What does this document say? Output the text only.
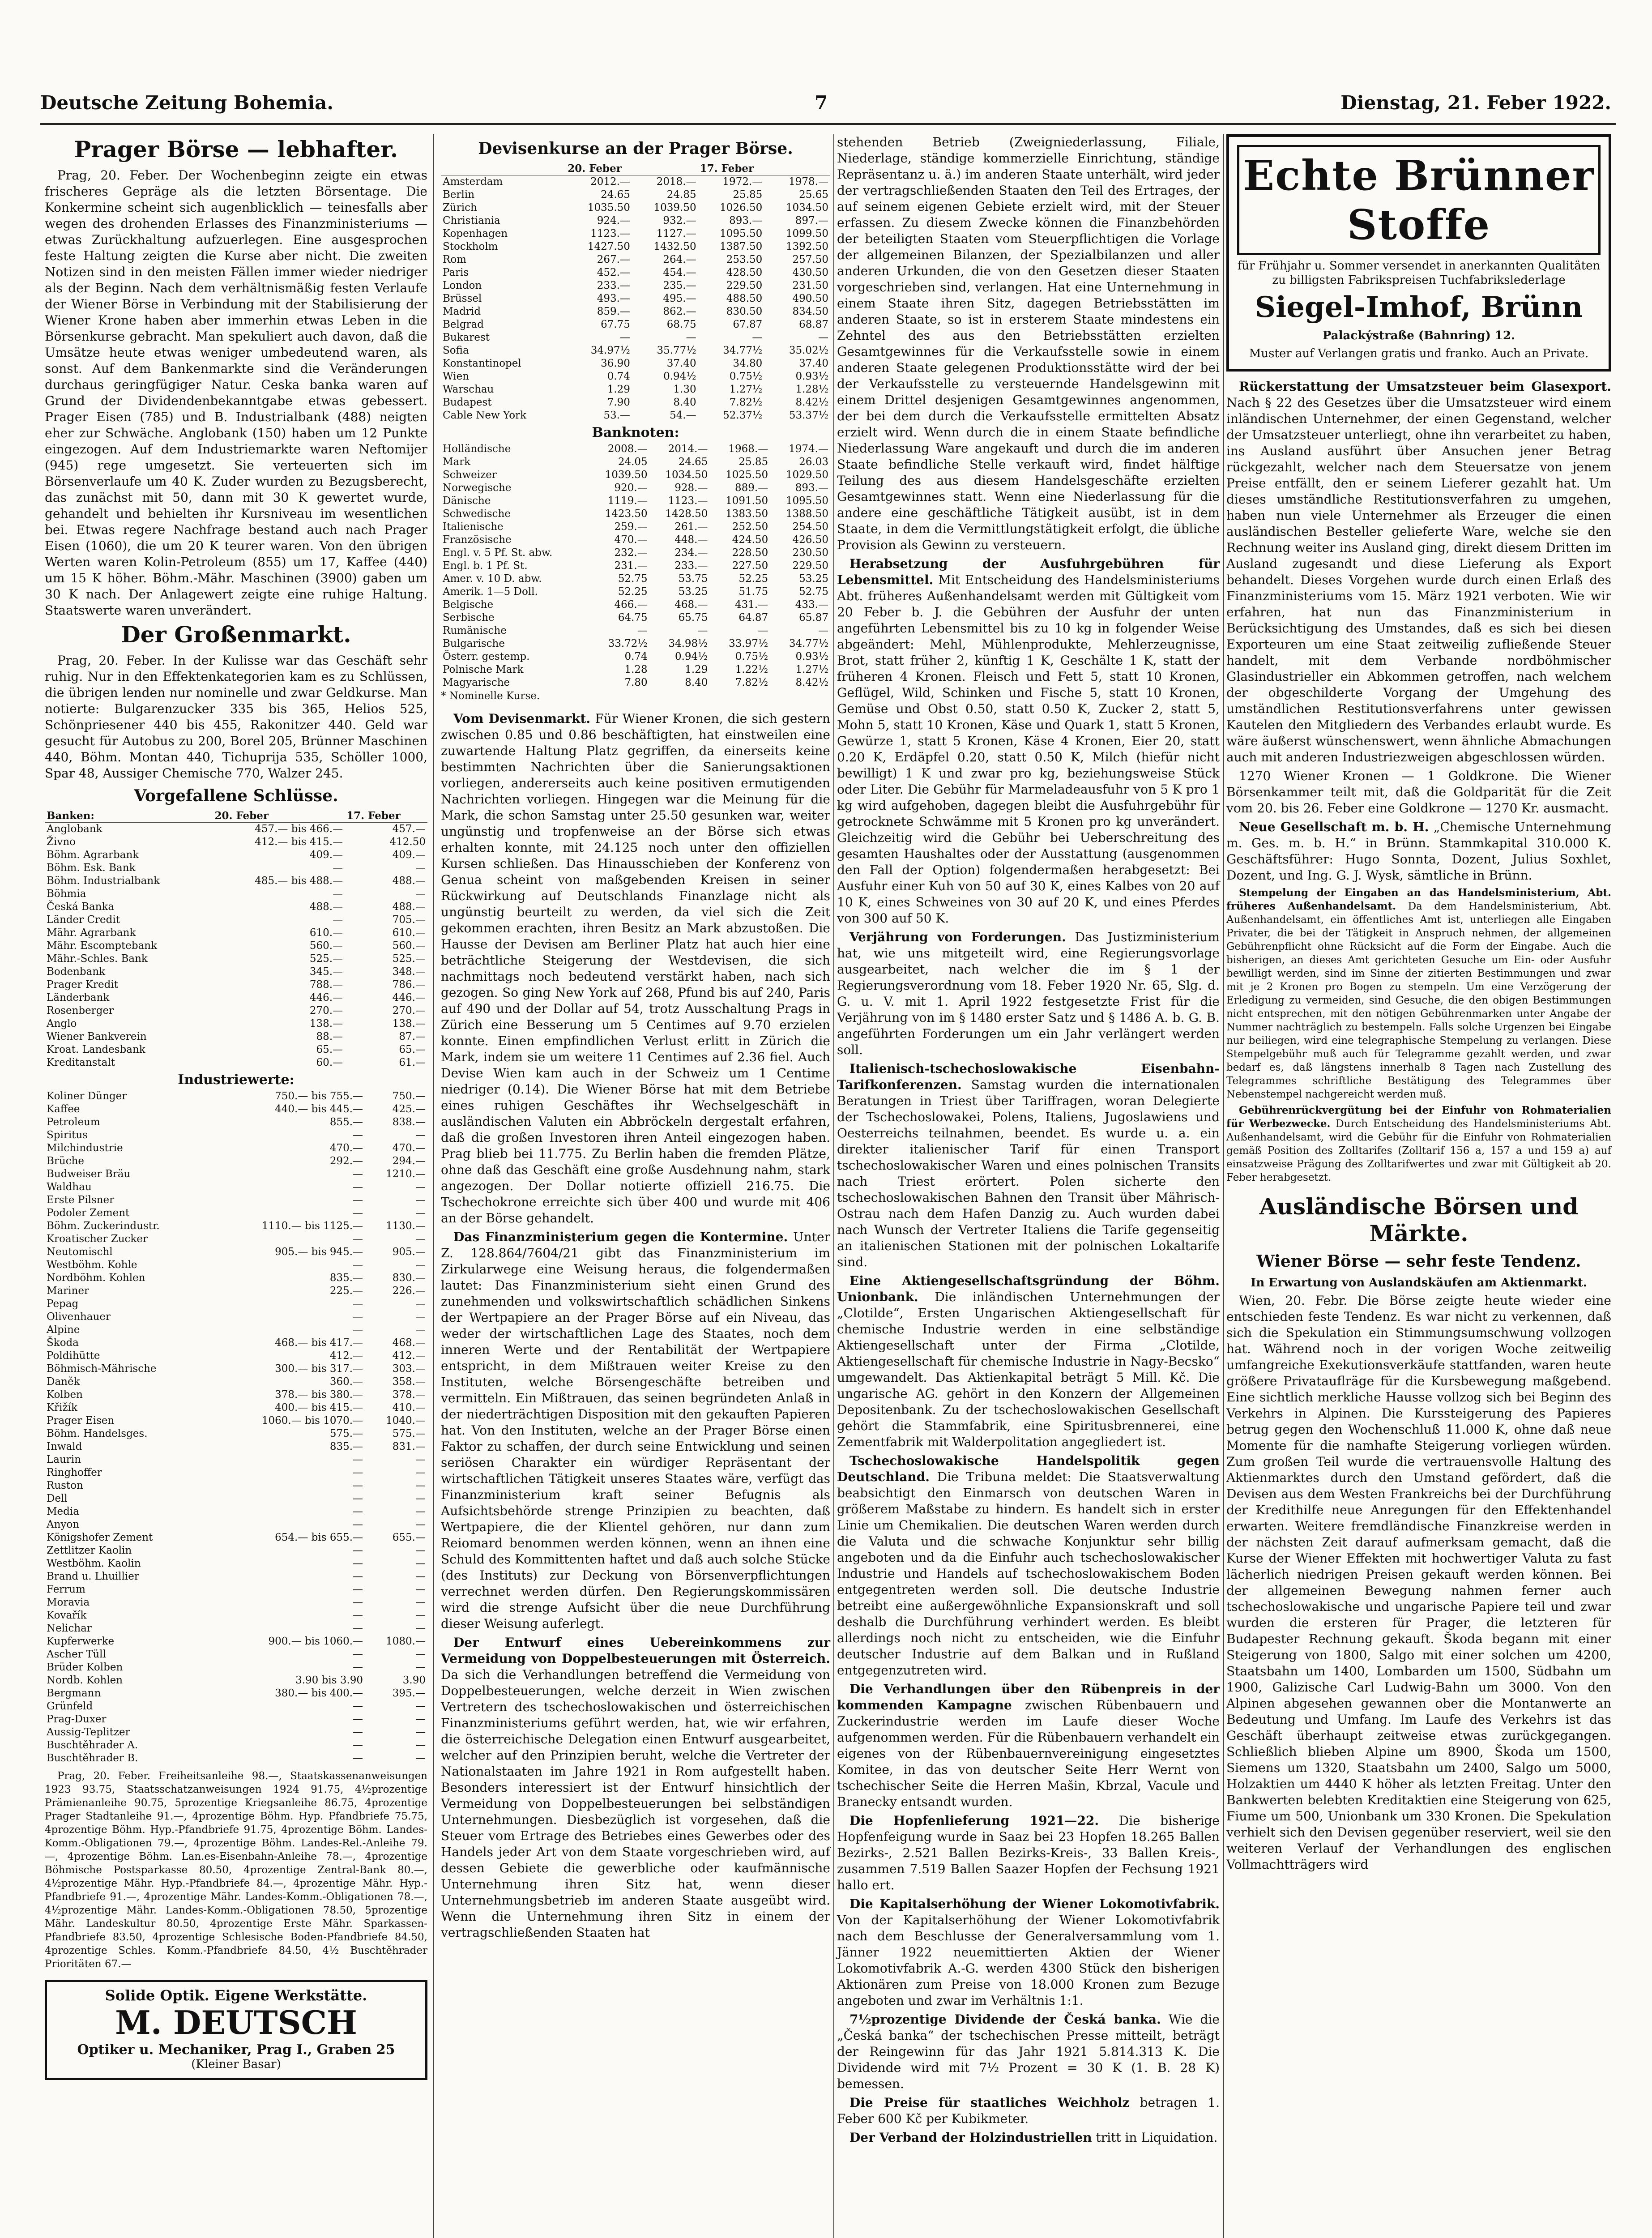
Deutsche Zeitung Bohemia.	7	Dienstag, 21. Feber 1922.
Prager Börse — lebhafter.

Prag, 20. Feber. Der Wochenbeginn zeigte ein etwas frischeres Gepräge als die letzten Börsentage. Die Konkermine scheint sich augenblicklich — teinesfalls aber wegen des drohenden Erlasses des Finanzministeriums — etwas Zurückhaltung aufzuerlegen. Eine ausgesprochen feste Haltung zeigten die Kurse aber nicht. Die zweiten Notizen sind in den meisten Fällen immer wieder niedriger als der Beginn. Nach dem verhältnismäßig festen Verlaufe der Wiener Börse in Verbindung mit der Stabilisierung der Wiener Krone haben aber immerhin etwas Leben in die Börsenkurse gebracht. Man spekuliert auch davon, daß die Umsätze heute etwas weniger umbedeutend waren, als sonst. Auf dem Bankenmarkte sind die Veränderungen durchaus geringfügiger Natur. Ceska banka waren auf Grund der Dividendenbekanntgabe etwas gebessert. Prager Eisen (785) und B. Industrialbank (488) neigten eher zur Schwäche. Anglobank (150) haben um 12 Punkte eingezogen. Auf dem Industriemarkte waren Neftomijer (945) rege umgesetzt. Sie verteuerten sich im Börsenverlaufe um 40 K. Zuder wurden zu Bezugsberecht, das zunächst mit 50, dann mit 30 K gewertet wurde, gehandelt und behielten ihr Kursniveau im wesentlichen bei. Etwas regere Nachfrage bestand auch nach Prager Eisen (1060), die um 20 K teurer waren. Von den übrigen Werten waren Kolin-Petroleum (855) um 17, Kaffee (440) um 15 K höher. Böhm.-Mähr. Maschinen (3900) gaben um 30 K nach. Der Anlagewert zeigte eine ruhige Haltung. Staatswerte waren unverändert.

Der Großenmarkt.

Prag, 20. Feber. In der Kulisse war das Geschäft sehr ruhig. Nur in den Effektenkategorien kam es zu Schlüssen, die übrigen lenden nur nominelle und zwar Geldkurse. Man notierte: Bulgarenzucker 335 bis 365, Helios 525, Schönpriesener 440 bis 455, Rakonitzer 440. Geld war gesucht für Autobus zu 200, Borel 205, Brünner Maschinen 440, Böhm. Montan 440, Tichuprija 535, Schöller 1000, Spar 48, Aussiger Chemische 770, Walzer 245.

Vorgefallene Schlüsse.
Banken:	20. Feber	17. Feber
Anglobank	457.— bis 466.—	457.—
Živno	412.— bis 415.—	412.50
Böhm. Agrarbank	409.—	409.—
Böhm. Esk. Bank	—	—
Böhm. Industrialbank	485.— bis 488.—	488.—
Böhmia	—	—
Česká Banka	488.—	488.—
Länder Credit	—	705.—
Mähr. Agrarbank	610.—	610.—
Mähr. Escomptebank	560.—	560.—
Mähr.-Schles. Bank	525.—	525.—
Bodenbank	345.—	348.—
Prager Kredit	788.—	786.—
Länderbank	446.—	446.—
Rosenberger	270.—	270.—
Anglo	138.—	138.—
Wiener Bankverein	88.—	87.—
Kroat. Landesbank	65.—	65.—
Kreditanstalt	60.—	61.—
Industriewerte:
Koliner Dünger	750.— bis 755.—	750.—
Kaffee	440.— bis 445.—	425.—
Petroleum	855.—	838.—
Spiritus	—	—
Milchindustrie	470.—	470.—
Brüche	292.—	294.—
Budweiser Bräu	—	1210.—
Waldhau	—	—
Erste Pilsner	—	—
Podoler Zement	—	—
Böhm. Zuckerindustr.	1110.— bis 1125.—	1130.—
Kroatischer Zucker	—	—
Neutomischl	905.— bis 945.—	905.—
Westböhm. Kohle	—	—
Nordböhm. Kohlen	835.—	830.—
Mariner	225.—	226.—
Pepag	—	—
Olivenhauer	—	—
Alpine	—	—
Škoda	468.— bis 417.—	468.—
Poldihütte	412.—	412.—
Böhmisch-Mährische	300.— bis 317.—	303.—
Daněk	360.—	358.—
Kolben	378.— bis 380.—	378.—
Křižík	400.— bis 415.—	410.—
Prager Eisen	1060.— bis 1070.—	1040.—
Böhm. Handelsges.	575.—	575.—
Inwald	835.—	831.—
Laurin	—	—
Ringhoffer	—	—
Ruston	—	—
Dell	—	—
Media	—	—
Anyon	—	—
Königshofer Zement	654.— bis 655.—	655.—
Zettlitzer Kaolin	—	—
Westböhm. Kaolin	—	—
Brand u. Lhuillier	—	—
Ferrum	—	—
Moravia	—	—
Kovařík	—	—
Nelichar	—	—
Kupferwerke	900.— bis 1060.—	1080.—
Ascher Tüll	—	—
Brüder Kolben	—	—
Nordb. Kohlen	3.90 bis 3.90	3.90
Bergmann	380.— bis 400.—	395.—
Grünfeld	—	—
Prag-Duxer	—	—
Aussig-Teplitzer	—	—
Buschtěhrader A.	—	—
Buschtěhrader B.	—	—

Prag, 20. Feber. Freiheitsanleihe 98.—, Staatskassenanweisungen 1923 93.75, Staatsschatzanweisungen 1924 91.75, 4½prozentige Prämienanleihe 90.75, 5prozentige Kriegsanleihe 86.75, 4prozentige Prager Stadtanleihe 91.—, 4prozentige Böhm. Hyp. Pfandbriefe 75.75, 4prozentige Böhm. Hyp.-Pfandbriefe 91.75, 4prozentige Böhm. Landes-Komm.-Obligationen 79.—, 4prozentige Böhm. Landes-Rel.-Anleihe 79.—, 4prozentige Böhm. Lan.es-Eisenbahn-Anleihe 78.—, 4prozentige Böhmische Postsparkasse 80.50, 4prozentige Zentral-Bank 80.—, 4½prozentige Mähr. Hyp.-Pfandbriefe 84.—, 4prozentige Mähr. Hyp.-Pfandbriefe 91.—, 4prozentige Mähr. Landes-Komm.-Obligationen 78.—, 4½prozentige Mähr. Landes-Komm.-Obligationen 78.50, 5prozentige Mähr. Landeskultur 80.50, 4prozentige Erste Mähr. Sparkassen-Pfandbriefe 83.50, 4prozentige Schlesische Boden-Pfandbriefe 84.50, 4prozentige Schles. Komm.-Pfandbriefe 84.50, 4½ Buschtěhrader Prioritäten 67.—

Solide Optik. Eigene Werkstätte.
M. DEUTSCH
Optiker u. Mechaniker, Prag I., Graben 25
(Kleiner Basar)
Devisenkurse an der Prager Börse.
	20. Feber		17. Feber	
Amsterdam	2012.—	2018.—	1972.—	1978.—
Berlin	24.65	24.85	25.85	25.65
Zürich	1035.50	1039.50	1026.50	1034.50
Christiania	924.—	932.—	893.—	897.—
Kopenhagen	1123.—	1127.—	1095.50	1099.50
Stockholm	1427.50	1432.50	1387.50	1392.50
Rom	267.—	264.—	253.50	257.50
Paris	452.—	454.—	428.50	430.50
London	233.—	235.—	229.50	231.50
Brüssel	493.—	495.—	488.50	490.50
Madrid	859.—	862.—	830.50	834.50
Belgrad	67.75	68.75	67.87	68.87
Bukarest	—	—	—	—
Sofia	34.97½	35.77½	34.77½	35.02½
Konstantinopel	36.90	37.40	34.80	37.40
Wien	0.74	0.94½	0.75½	0.93½
Warschau	1.29	1.30	1.27½	1.28½
Budapest	7.90	8.40	7.82½	8.42½
Cable New York	53.—	54.—	52.37½	53.37½
Banknoten:
Holländische	2008.—	2014.—	1968.—	1974.—
Mark	24.05	24.65	25.85	26.03
Schweizer	1039.50	1034.50	1025.50	1029.50
Norwegische	920.—	928.—	889.—	893.—
Dänische	1119.—	1123.—	1091.50	1095.50
Schwedische	1423.50	1428.50	1383.50	1388.50
Italienische	259.—	261.—	252.50	254.50
Französische	470.—	448.—	424.50	426.50
Engl. v. 5 Pf. St. abw.	232.—	234.—	228.50	230.50
Engl. b. 1 Pf. St.	231.—	233.—	227.50	229.50
Amer. v. 10 D. abw.	52.75	53.75	52.25	53.25
Amerik. 1—5 Doll.	52.25	53.25	51.75	52.75
Belgische	466.—	468.—	431.—	433.—
Serbische	64.75	65.75	64.87	65.87
Rumänische	—	—	—	—
Bulgarische	33.72½	34.98½	33.97½	34.77½
Österr. gestemp.	0.74	0.94½	0.75½	0.93½
Polnische Mark	1.28	1.29	1.22½	1.27½
Magyarische	7.80	8.40	7.82½	8.42½
* Nominelle Kurse.

Vom Devisenmarkt. Für Wiener Kronen, die sich gestern zwischen 0.85 und 0.86 beschäftigten, hat einstweilen eine zuwartende Haltung Platz gegriffen, da einerseits keine bestimmten Nachrichten über die Sanierungsaktionen vorliegen, andererseits auch keine positiven ermutigenden Nachrichten vorliegen. Hingegen war die Meinung für die Mark, die schon Samstag unter 25.50 gesunken war, weiter ungünstig und tropfenweise an der Börse sich etwas erhalten konnte, mit 24.125 noch unter den offiziellen Kursen schließen. Das Hinausschieben der Konferenz von Genua scheint von maßgebenden Kreisen in seiner Rückwirkung auf Deutschlands Finanzlage nicht als ungünstig beurteilt zu werden, da viel sich die Zeit gekommen erachten, ihren Besitz an Mark abzustoßen. Die Hausse der Devisen am Berliner Platz hat auch hier eine beträchtliche Steigerung der Westdevisen, die sich nachmittags noch bedeutend verstärkt haben, nach sich gezogen. So ging New York auf 268, Pfund bis auf 240, Paris auf 490 und der Dollar auf 54, trotz Ausschaltung Prags in Zürich eine Besserung um 5 Centimes auf 9.70 erzielen konnte. Einen empfindlichen Verlust erlitt in Zürich die Mark, indem sie um weitere 11 Centimes auf 2.36 fiel. Auch Devise Wien kam auch in der Schweiz um 1 Centime niedriger (0.14). Die Wiener Börse hat mit dem Betriebe eines ruhigen Geschäftes ihr Wechselgeschäft in ausländischen Valuten ein Abbröckeln dergestalt erfahren, daß die großen Investoren ihren Anteil eingezogen haben. Prag blieb bei 11.775. Zu Berlin haben die fremden Plätze, ohne daß das Geschäft eine große Ausdehnung nahm, stark angezogen. Der Dollar notierte offiziell 216.75. Die Tschechokrone erreichte sich über 400 und wurde mit 406 an der Börse gehandelt.

Das Finanzministerium gegen die Kontermine. Unter Z. 128.864/7604/21 gibt das Finanzministerium im Zirkularwege eine Weisung heraus, die folgendermaßen lautet: Das Finanzministerium sieht einen Grund des zunehmenden und volkswirtschaftlich schädlichen Sinkens der Wertpapiere an der Prager Börse auf ein Niveau, das weder der wirtschaftlichen Lage des Staates, noch dem inneren Werte und der Rentabilität der Wertpapiere entspricht, in dem Mißtrauen weiter Kreise zu den Instituten, welche Börsengeschäfte betreiben und vermitteln. Ein Mißtrauen, das seinen begründeten Anlaß in der niederträchtigen Disposition mit den gekauften Papieren hat. Von den Instituten, welche an der Prager Börse einen Faktor zu schaffen, der durch seine Entwicklung und seinen seriösen Charakter ein würdiger Repräsentant der wirtschaftlichen Tätigkeit unseres Staates wäre, verfügt das Finanzministerium kraft seiner Befugnis als Aufsichtsbehörde strenge Prinzipien zu beachten, daß Wertpapiere, die der Klientel gehören, nur dann zum Reiomard benommen werden können, wenn an ihnen eine Schuld des Kommittenten haftet und daß auch solche Stücke (des Instituts) zur Deckung von Börsenverpflichtungen verrechnet werden dürfen. Den Regierungskommissären wird die strenge Aufsicht über die neue Durchführung dieser Weisung auferlegt.

Der Entwurf eines Uebereinkommens zur Vermeidung von Doppelbesteuerungen mit Österreich. Da sich die Verhandlungen betreffend die Vermeidung von Doppelbesteuerungen, welche derzeit in Wien zwischen Vertretern des tschechoslowakischen und österreichischen Finanzministeriums geführt werden, hat, wie wir erfahren, die österreichische Delegation einen Entwurf ausgearbeitet, welcher auf den Prinzipien beruht, welche die Vertreter der Nationalstaaten im Jahre 1921 in Rom aufgestellt haben. Besonders interessiert ist der Entwurf hinsichtlich der Vermeidung von Doppelbesteuerungen bei selbständigen Unternehmungen. Diesbezüglich ist vorgesehen, daß die Steuer vom Ertrage des Betriebes eines Gewerbes oder des Handels jeder Art von dem Staate vorgeschrieben wird, auf dessen Gebiete die gewerbliche oder kaufmännische Unternehmung ihren Sitz hat, wenn dieser Unternehmungsbetrieb im anderen Staate ausgeübt wird. Wenn die Unternehmung ihren Sitz in einem der vertragschließenden Staaten hat

stehenden Betrieb (Zweigniederlassung, Filiale, Niederlage, ständige kommerzielle Einrichtung, ständige Repräsentanz u. ä.) im anderen Staate unterhält, wird jeder der vertragschließenden Staaten den Teil des Ertrages, der auf seinem eigenen Gebiete erzielt wird, mit der Steuer erfassen. Zu diesem Zwecke können die Finanzbehörden der beteiligten Staaten vom Steuerpflichtigen die Vorlage der allgemeinen Bilanzen, der Spezialbilanzen und aller anderen Urkunden, die von den Gesetzen dieser Staaten vorgeschrieben sind, verlangen. Hat eine Unternehmung in einem Staate ihren Sitz, dagegen Betriebsstätten im anderen Staate, so ist in ersterem Staate mindestens ein Zehntel des aus den Betriebsstätten erzielten Gesamtgewinnes für die Verkaufsstelle sowie in einem anderen Staate gelegenen Produktionsstätte wird der bei der Verkaufsstelle zu versteuernde Handelsgewinn mit einem Drittel desjenigen Gesamtgewinnes angenommen, der bei dem durch die Verkaufsstelle ermittelten Absatz erzielt wird. Wenn durch die in einem Staate befindliche Niederlassung Ware angekauft und durch die im anderen Staate befindliche Stelle verkauft wird, findet hälftige Teilung des aus diesem Handelsgeschäfte erzielten Gesamtgewinnes statt. Wenn eine Niederlassung für die andere eine geschäftliche Tätigkeit ausübt, ist in dem Staate, in dem die Vermittlungstätigkeit erfolgt, die übliche Provision als Gewinn zu versteuern.

Herabsetzung der Ausfuhrgebühren für Lebensmittel. Mit Entscheidung des Handelsministeriums Abt. früheres Außenhandelsamt werden mit Gültigkeit vom 20 Feber b. J. die Gebühren der Ausfuhr der unten angeführten Lebensmittel bis zu 10 kg in folgender Weise abgeändert: Mehl, Mühlenprodukte, Mehlerzeugnisse, Brot, statt früher 2, künftig 1 K, Geschälte 1 K, statt der früheren 4 Kronen. Fleisch und Fett 5, statt 10 Kronen, Geflügel, Wild, Schinken und Fische 5, statt 10 Kronen, Gemüse und Obst 0.50, statt 0.50 K, Zucker 2, statt 5, Mohn 5, statt 10 Kronen, Käse und Quark 1, statt 5 Kronen, Gewürze 1, statt 5 Kronen, Käse 4 Kronen, Eier 20, statt 0.20 K, Erdäpfel 0.20, statt 0.50 K, Milch (hiefür nicht bewilligt) 1 K und zwar pro kg, beziehungsweise Stück oder Liter. Die Gebühr für Marmeladeausfuhr von 5 K pro 1 kg wird aufgehoben, dagegen bleibt die Ausfuhrgebühr für getrocknete Schwämme mit 5 Kronen pro kg unverändert. Gleichzeitig wird die Gebühr bei Ueberschreitung des gesamten Haushaltes oder der Ausstattung (ausgenommen den Fall der Option) folgendermaßen herabgesetzt: Bei Ausfuhr einer Kuh von 50 auf 30 K, eines Kalbes von 20 auf 10 K, eines Schweines von 30 auf 20 K, und eines Pferdes von 300 auf 50 K.

Verjährung von Forderungen. Das Justizministerium hat, wie uns mitgeteilt wird, eine Regierungsvorlage ausgearbeitet, nach welcher die im § 1 der Regierungsverordnung vom 18. Feber 1920 Nr. 65, Slg. d. G. u. V. mit 1. April 1922 festgesetzte Frist für die Verjährung von im § 1480 erster Satz und § 1486 A. b. G. B. angeführten Forderungen um ein Jahr verlängert werden soll.

Italienisch-tschechoslowakische Eisenbahn-Tarifkonferenzen. Samstag wurden die internationalen Beratungen in Triest über Tariffragen, woran Delegierte der Tschechoslowakei, Polens, Italiens, Jugoslawiens und Oesterreichs teilnahmen, beendet. Es wurde u. a. ein direkter italienischer Tarif für einen Transport tschechoslowakischer Waren und eines polnischen Transits nach Triest erörtert. Polen sicherte den tschechoslowakischen Bahnen den Transit über Mährisch-Ostrau nach dem Hafen Danzig zu. Auch wurden dabei nach Wunsch der Vertreter Italiens die Tarife gegenseitig an italienischen Stationen mit der polnischen Lokaltarife sind.

Eine Aktiengesellschaftsgründung der Böhm. Unionbank. Die inländischen Unternehmungen der „Clotilde“, Ersten Ungarischen Aktiengesellschaft für chemische Industrie werden in eine selbständige Aktiengesellschaft unter der Firma „Clotilde, Aktiengesellschaft für chemische Industrie in Nagy-Becsko“ umgewandelt. Das Aktienkapital beträgt 5 Mill. Kč. Die ungarische AG. gehört in den Konzern der Allgemeinen Depositenbank. Zu der tschechoslowakischen Gesellschaft gehört die Stammfabrik, eine Spiritusbrennerei, eine Zementfabrik mit Walderpolitation angegliedert ist.

Tschechoslowakische Handelspolitik gegen Deutschland. Die Tribuna meldet: Die Staatsverwaltung beabsichtigt den Einmarsch von deutschen Waren in größerem Maßstabe zu hindern. Es handelt sich in erster Linie um Chemikalien. Die deutschen Waren werden durch die Valuta und die schwache Konjunktur sehr billig angeboten und da die Einfuhr auch tschechoslowakischer Industrie und Handels auf tschechoslowakischem Boden entgegentreten werden soll. Die deutsche Industrie betreibt eine außergewöhnliche Expansionskraft und soll deshalb die Durchführung verhindert werden. Es bleibt allerdings noch nicht zu entscheiden, wie die Einfuhr deutscher Industrie auf dem Balkan und in Rußland entgegenzutreten wird.

Die Verhandlungen über den Rübenpreis in der kommenden Kampagne zwischen Rübenbauern und Zuckerindustrie werden im Laufe dieser Woche aufgenommen werden. Für die Rübenbauern verhandelt ein eigenes von der Rübenbauernvereinigung eingesetztes Komitee, in das von deutscher Seite Herr Wernt von tschechischer Seite die Herren Mašin, Kbrzal, Vacule und Branecky entsandt wurden.

Die Hopfenlieferung 1921—22. Die bisherige Hopfenfeigung wurde in Saaz bei 23 Hopfen 18.265 Ballen Bezirks-, 2.521 Ballen Bezirks-Kreis-, 33 Ballen Kreis-, zusammen 7.519 Ballen Saazer Hopfen der Fechsung 1921 hallo ert.

Die Kapitalserhöhung der Wiener Lokomotivfabrik. Von der Kapitalserhöhung der Wiener Lokomotivfabrik nach dem Beschlusse der Generalversammlung vom 1. Jänner 1922 neuemittierten Aktien der Wiener Lokomotivfabrik A.-G. werden 4300 Stück den bisherigen Aktionären zum Preise von 18.000 Kronen zum Bezuge angeboten und zwar im Verhältnis 1:1.

7½prozentige Dividende der Česká banka. Wie die „Česká banka“ der tschechischen Presse mitteilt, beträgt der Reingewinn für das Jahr 1921 5.814.313 K. Die Dividende wird mit 7½ Prozent = 30 K (1. B. 28 K) bemessen.

Die Preise für staatliches Weichholz betragen 1. Feber 600 Kč per Kubikmeter.

Der Verband der Holzindustriellen tritt in Liquidation.

Echte Brünner Stoffe
für Frühjahr u. Sommer versendet in anerkannten Qualitäten zu billigsten Fabrikspreisen Tuchfabrikslederlage
Siegel-Imhof, Brünn
Palackýstraße (Bahnring) 12.
Muster auf Verlangen gratis und franko. Auch an Private.

Rückerstattung der Umsatzsteuer beim Glasexport. Nach § 22 des Gesetzes über die Umsatzsteuer wird einem inländischen Unternehmer, der einen Gegenstand, welcher der Umsatzsteuer unterliegt, ohne ihn verarbeitet zu haben, ins Ausland ausführt über Ansuchen jener Betrag rückgezahlt, welcher nach dem Steuersatze von jenem Preise entfällt, den er seinem Lieferer gezahlt hat. Um dieses umständliche Restitutionsverfahren zu umgehen, haben nun viele Unternehmer als Erzeuger die einen ausländischen Besteller gelieferte Ware, welche sie den Rechnung weiter ins Ausland ging, direkt diesem Dritten im Ausland zugesandt und diese Lieferung als Export behandelt. Dieses Vorgehen wurde durch einen Erlaß des Finanzministeriums vom 15. März 1921 verboten. Wie wir erfahren, hat nun das Finanzministerium in Berücksichtigung des Umstandes, daß es sich bei diesen Exporteuren um eine Staat zeitweilig zufließende Steuer handelt, mit dem Verbande nordböhmischer Glasindustrieller ein Abkommen getroffen, nach welchem der obgeschilderte Vorgang der Umgehung des umständlichen Restitutionsverfahrens unter gewissen Kautelen den Mitgliedern des Verbandes erlaubt wurde. Es wäre äußerst wünschenswert, wenn ähnliche Abmachungen auch mit anderen Industriezweigen abgeschlossen würden.

1270 Wiener Kronen — 1 Goldkrone. Die Wiener Börsenkammer teilt mit, daß die Goldparität für die Zeit vom 20. bis 26. Feber eine Goldkrone — 1270 Kr. ausmacht.

Neue Gesellschaft m. b. H. „Chemische Unternehmung m. Ges. m. b. H.“ in Brünn. Stammkapital 310.000 K. Geschäftsführer: Hugo Sonnta, Dozent, Julius Soxhlet, Dozent, und Ing. G. J. Wysk, sämtliche in Brünn.

Stempelung der Eingaben an das Handelsministerium, Abt. früheres Außenhandelsamt. Da dem Handelsministerium, Abt. Außenhandelsamt, ein öffentliches Amt ist, unterliegen alle Eingaben Privater, die bei der Tätigkeit in Anspruch nehmen, der allgemeinen Gebührenpflicht ohne Rücksicht auf die Form der Eingabe. Auch die bisherigen, an dieses Amt gerichteten Gesuche um Ein- oder Ausfuhr bewilligt werden, sind im Sinne der zitierten Bestimmungen und zwar mit je 2 Kronen pro Bogen zu stempeln. Um eine Verzögerung der Erledigung zu vermeiden, sind Gesuche, die den obigen Bestimmungen nicht entsprechen, mit den nötigen Gebührenmarken unter Angabe der Nummer nachträglich zu bestempeln. Falls solche Urgenzen bei Eingabe nur beiliegen, wird eine telegraphische Stempelung zu verlangen. Diese Stempelgebühr muß auch für Telegramme gezahlt werden, und zwar bedarf es, daß längstens innerhalb 8 Tagen nach Zustellung des Telegrammes schriftliche Bestätigung des Telegrammes über Nebenstempel nachgereicht werden muß.

Gebührenrückvergütung bei der Einfuhr von Rohmaterialien für Werbezwecke. Durch Entscheidung des Handelsministeriums Abt. Außenhandelsamt, wird die Gebühr für die Einfuhr von Rohmaterialien gemäß Position des Zolltarifes (Zolltarif 156 a, 157 a und 159 a) auf einsatzweise Prägung des Zolltarifwertes und zwar mit Gültigkeit ab 20. Feber herabgesetzt.

Ausländische Börsen und Märkte.
Wiener Börse — sehr feste Tendenz.
In Erwartung von Auslandskäufen am Aktienmarkt.

Wien, 20. Febr. Die Börse zeigte heute wieder eine entschieden feste Tendenz. Es war nicht zu verkennen, daß sich die Spekulation ein Stimmungsumschwung vollzogen hat. Während noch in der vorigen Woche zeitweilig umfangreiche Exekutionsverkäufe stattfanden, waren heute größere Privatauflräge für die Kursbewegung maßgebend. Eine sichtlich merkliche Hausse vollzog sich bei Beginn des Verkehrs in Alpinen. Die Kurssteigerung des Papieres betrug gegen den Wochenschluß 11.000 K, ohne daß neue Momente für die namhafte Steigerung vorliegen würden. Zum großen Teil wurde die vertrauensvolle Haltung des Aktienmarktes durch den Umstand gefördert, daß die Devisen aus dem Westen Frankreichs bei der Durchführung der Kredithilfe neue Anregungen für den Effektenhandel erwarten. Weitere fremdländische Finanzkreise werden in der nächsten Zeit darauf aufmerksam gemacht, daß die Kurse der Wiener Effekten mit hochwertiger Valuta zu fast lächerlich niedrigen Preisen gekauft werden können. Bei der allgemeinen Bewegung nahmen ferner auch tschechoslowakische und ungarische Papiere teil und zwar wurden die ersteren für Prager, die letzteren für Budapester Rechnung gekauft. Škoda begann mit einer Steigerung von 1800, Salgo mit einer solchen um 4200, Staatsbahn um 1400, Lombarden um 1500, Südbahn um 1900, Galizische Carl Ludwig-Bahn um 3000. Von den Alpinen abgesehen gewannen ober die Montanwerte an Bedeutung und Umfang. Im Laufe des Verkehrs ist das Geschäft überhaupt zeitweise etwas zurückgegangen. Schließlich blieben Alpine um 8900, Škoda um 1500, Siemens um 1320, Staatsbahn um 2400, Salgo um 5000, Holzaktien um 4440 K höher als letzten Freitag. Unter den Bankwerten belebten Kreditaktien eine Steigerung von 625, Fiume um 500, Unionbank um 330 Kronen. Die Spekulation verhielt sich den Devisen gegenüber reserviert, weil sie den weiteren Verlauf der Verhandlungen des englischen Vollmachtträgers wird
